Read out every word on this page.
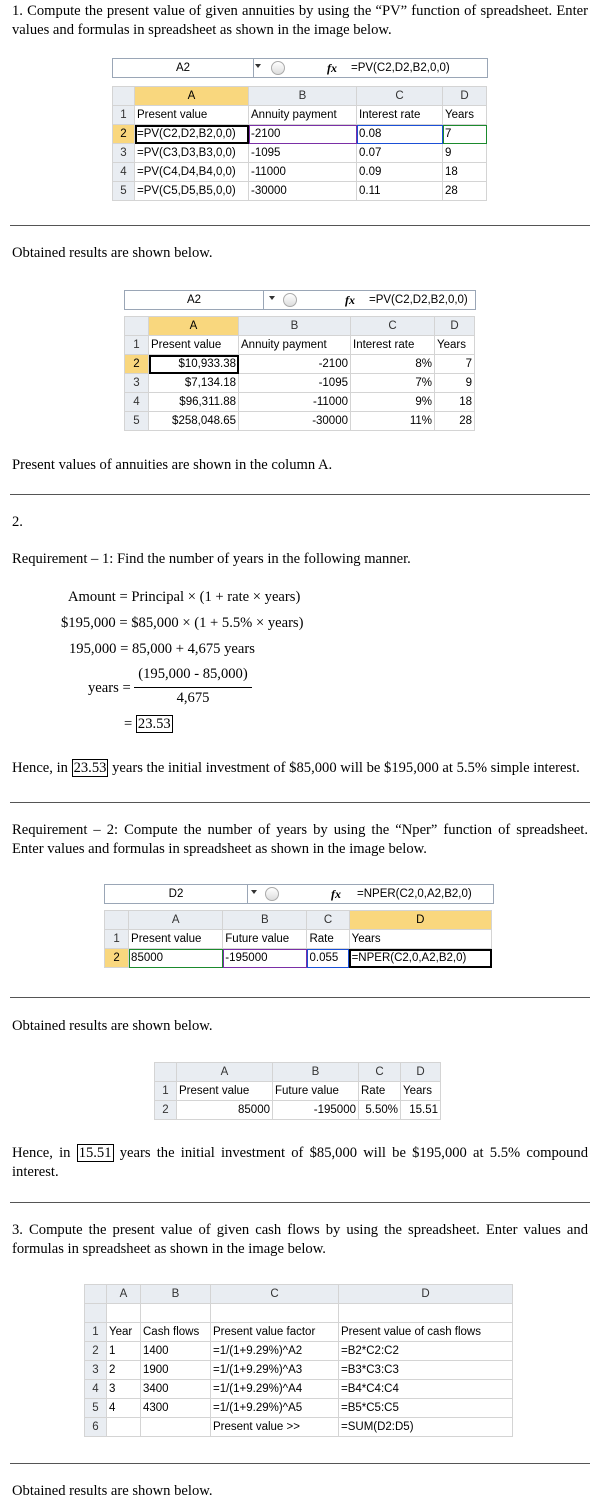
1. Compute the present value of given annuities by using the “PV” function of spreadsheet. Enter values and formulas in spreadsheet as shown in the image below.
A2	fx =PV(C2,D2,B2,0,0)
	A	B	C	D
1	Present value	Annuity payment	Interest rate	Years
2	=PV(C2,D2,B2,0,0)	-2100	0.08	7
3	=PV(C3,D3,B3,0,0)	-1095	0.07	9
4	=PV(C4,D4,B4,0,0)	-11000	0.09	18
5	=PV(C5,D5,B5,0,0)	-30000	0.11	28
Obtained results are shown below.
A2	fx =PV(C2,D2,B2,0,0)
	A	B	C	D
1	Present value	Annuity payment	Interest rate	Years
2	$10,933.38	-2100	8%	7
3	$7,134.18	-1095	7%	9
4	$96,311.88	-11000	9%	18
5	$258,048.65	-30000	11%	28
Present values of annuities are shown in the column A.
2.
Requirement – 1: Find the number of years in the following manner.
Amount = Principal × (1 + rate × years)
$195,000 = $85,000 × (1 + 5.5% × years)
195,000 = 85,000 + 4,675 years
years =
(195,000 - 85,000)
4,675
= 23.53
Hence, in 23.53 years the initial investment of $85,000 will be $195,000 at 5.5% simple interest.
Requirement – 2: Compute the number of years by using the “Nper” function of spreadsheet. Enter values and formulas in spreadsheet as shown in the image below.
D2	fx =NPER(C2,0,A2,B2,0)
	A	B	C	D
1	Present value	Future value	Rate	Years
2	85000	-195000	0.055	=NPER(C2,0,A2,B2,0)
Obtained results are shown below.
	A	B	C	D
1	Present value	Future value	Rate	Years
2	85000	-195000	5.50%	15.51
Hence, in 15.51 years the initial investment of $85,000 will be $195,000 at 5.5% compound interest.
3. Compute the present value of given cash flows by using the spreadsheet. Enter values and formulas in spreadsheet as shown in the image below.
	A	B	C	D

1	Year	Cash flows	Present value factor	Present value of cash flows
2	1	1400	=1/(1+9.29%)^A2	=B2*C2:C2
3	2	1900	=1/(1+9.29%)^A3	=B3*C3:C3
4	3	3400	=1/(1+9.29%)^A4	=B4*C4:C4
5	4	4300	=1/(1+9.29%)^A5	=B5*C5:C5
6			Present value >>	=SUM(D2:D5)
Obtained results are shown below.
